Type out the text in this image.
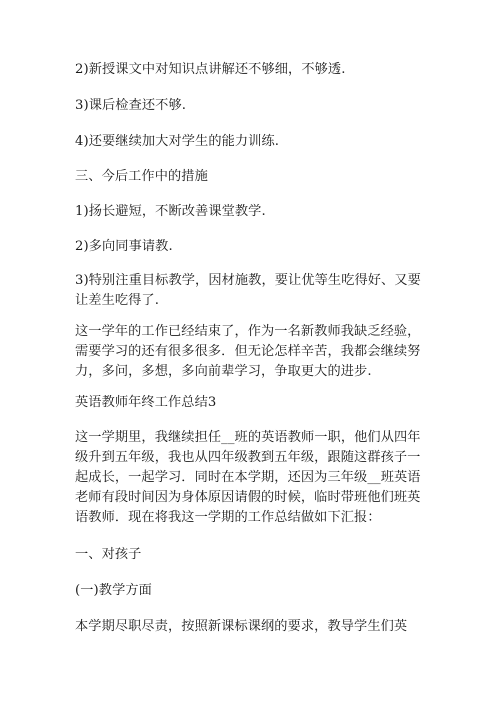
2)新授课文中对知识点讲解还不够细，不够透.

3)课后检查还不够.

4)还要继续加大对学生的能力训练.

三、今后工作中的措施

1)扬长避短，不断改善课堂教学.

2)多向同事请教.

3)特别注重目标教学，因材施教，要让优等生吃得好、又要让差生吃得了.

这一学年的工作已经结束了，作为一名新教师我缺乏经验，需要学习的还有很多很多．但无论怎样辛苦，我都会继续努力，多问，多想，多向前辈学习，争取更大的进步.

英语教师年终工作总结3

这一学期里，我继续担任__班的英语教师一职，他们从四年级升到五年级，我也从四年级教到五年级，跟随这群孩子一起成长，一起学习．同时在本学期，还因为三年级__班英语老师有段时间因为身体原因请假的时候，临时带班他们班英语教师．现在将我这一学期的工作总结做如下汇报：

一、对孩子

(一)教学方面

本学期尽职尽责，按照新课标课纲的要求，教导学生们英
